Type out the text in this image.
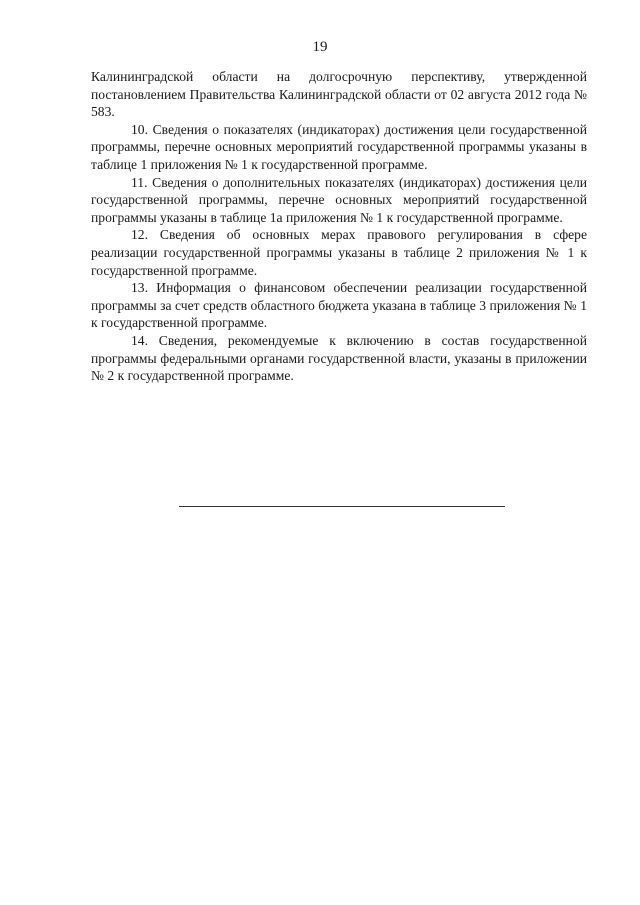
19

Калининградской области на долгосрочную перспективу, утвержденной постановлением Правительства Калининградской области от 02 августа 2012 года № 583.

10. Сведения о показателях (индикаторах) достижения цели государственной программы, перечне основных мероприятий государственной программы указаны в таблице 1 приложения № 1 к государственной программе.

11. Сведения о дополнительных показателях (индикаторах) достижения цели государственной программы, перечне основных мероприятий государственной программы указаны в таблице 1а приложения № 1 к государственной программе.

12. Сведения об основных мерах правового регулирования в сфере реализации государственной программы указаны в таблице 2 приложения № 1 к государственной программе.

13. Информация о финансовом обеспечении реализации государственной программы за счет средств областного бюджета указана в таблице 3 приложения № 1 к государственной программе.

14. Сведения, рекомендуемые к включению в состав государственной программы федеральными органами государственной власти, указаны в приложении № 2 к государственной программе.
